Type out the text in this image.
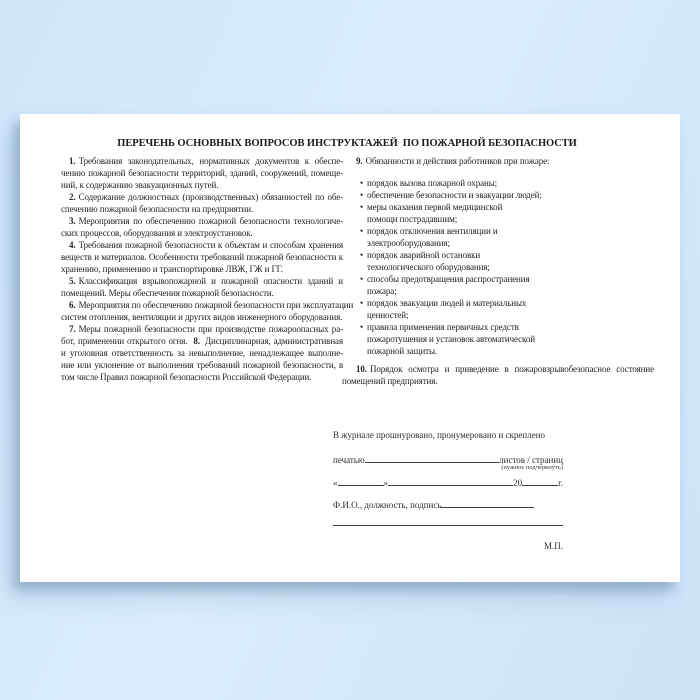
ПЕРЕЧЕНЬ ОСНОВНЫХ ВОПРОСОВ ИНСТРУКТАЖЕЙ  ПО ПОЖАРНОЙ БЕЗОПАСНОСТИ
1. Требования законодательных, нормативных документов к обеспе-
чению пожарной безопасности территорий, зданий, сооружений, помеще-
ний, к содержанию эвакуационных путей.
2. Содержание должностных (производственных) обязанностей по обе-
спечению пожарной безопасности на предприятии.
3. Мероприятия по обеспечению пожарной безопасности технологиче-
ских процессов, оборудования и электроустановок.
4. Требования пожарной безопасности к объектам и способам хранения
веществ и материалов. Особенности требований пожарной безопасности к
хранению, применению и транспортировке ЛВЖ, ГЖ и ГГ.
5. Классификация взрывопожарной и пожарной опасности зданий и
помещений. Меры обеспечения пожарной безопасности.
6. Мероприятия по обеспечению пожарной безопасности при эксплуатации
систем отопления, вентиляции и других видов инженерного оборудования.
7. Меры пожарной безопасности при производстве пожароопасных ра-
бот, применении открытого огня. 8. Дисциплинарная, административная
и уголовная ответственность за невыполнение, ненадлежащее выполне-
ние или уклонение от выполнения требований пожарной безопасности, в
том числе Правил пожарной безопасности Российской Федерации.
9. Обязанности и действия работников при пожаре:
• порядок вызова пожарной охраны;
• обеспечение безопасности и эвакуации людей;
• меры оказания первой медицинской
помощи пострадавшим;
• порядок отключения вентиляции и
электрооборудования;
• порядок аварийной остановки
технологического оборудования;
• способы предотвращения распространения
пожара;
• порядок эвакуации людей и материальных
ценностей;
• правила применения первичных средств
пожаротушения и установок автоматической
пожарной защиты.
10. Порядок осмотра и приведение в пожаровзрывобезопасное состояние
помещений предприятия.
В журнале прошнуровано, пронумеровано и скреплено
печатью	листов / страниц
(нужное подчеркнуть)
«	»	20	г.
Ф.И.О., должность, подпись
М.П.
